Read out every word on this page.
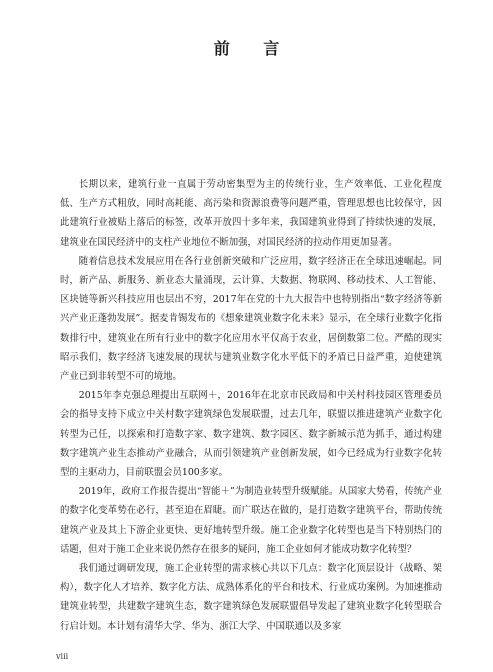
前 言

长期以来，建筑行业一直属于劳动密集型为主的传统行业，生产效率低、工业化程度低、生产方式粗放，同时高耗能、高污染和资源浪费等问题严重，管理思想也比较保守，因此建筑行业被贴上落后的标签，改革开放四十多年来，我国建筑业得到了持续快速的发展，建筑业在国民经济中的支柱产业地位不断加强，对国民经济的拉动作用更加显著。

随着信息技术发展应用在各行业创新突破和广泛应用，数字经济正在全球迅速崛起。同时，新产品、新服务、新业态大量涌现，云计算、大数据、物联网、移动技术、人工智能、区块链等新兴科技应用也层出不穷，2017年在党的十九大报告中也特别指出“数字经济等新兴产业正蓬勃发展”。据麦肯锡发布的《想象建筑业数字化未来》显示，在全球行业数字化指数排行中，建筑业在所有行业中的数字化应用水平仅高于农业，居倒数第二位。严酷的现实昭示我们，数字经济飞速发展的现状与建筑业数字化水平低下的矛盾已日益严重，迫使建筑产业已到非转型不可的境地。

2015年李克强总理提出互联网＋，2016年在北京市民政局和中关村科技园区管理委员会的指导支持下成立中关村数字建筑绿色发展联盟，过去几年，联盟以推进建筑产业数字化转型为己任，以探索和打造数字家、数字建筑、数字园区、数字新城示范为抓手，通过构建数字建筑产业生态推动产业融合，从而引领建筑产业创新发展，如今已经成为行业数字化转型的主驱动力，目前联盟会员100多家。

2019年，政府工作报告提出“智能＋”为制造业转型升级赋能。从国家大势看，传统产业的数字化变革势在必行，甚至迫在眉睫。而广联达在做的，是打造数字建筑平台，帮助传统建筑产业及其上下游企业更快、更好地转型升级。施工企业数字化转型也是当下特别热门的话题，但对于施工企业来说仍然存在很多的疑问，施工企业如何才能成功数字化转型？

我们通过调研发现，施工企业转型的需求核心共以下几点：数字化顶层设计（战略、架构），数字化人才培养、数字化方法、成熟体系化的平台和技术、行业成功案例。为加速推动建筑业转型，共建数字建筑生态，数字建筑绿色发展联盟倡导发起了建筑业数字化转型联合行启计划。本计划有清华大学、华为、浙江大学、中国联通以及多家

viii
